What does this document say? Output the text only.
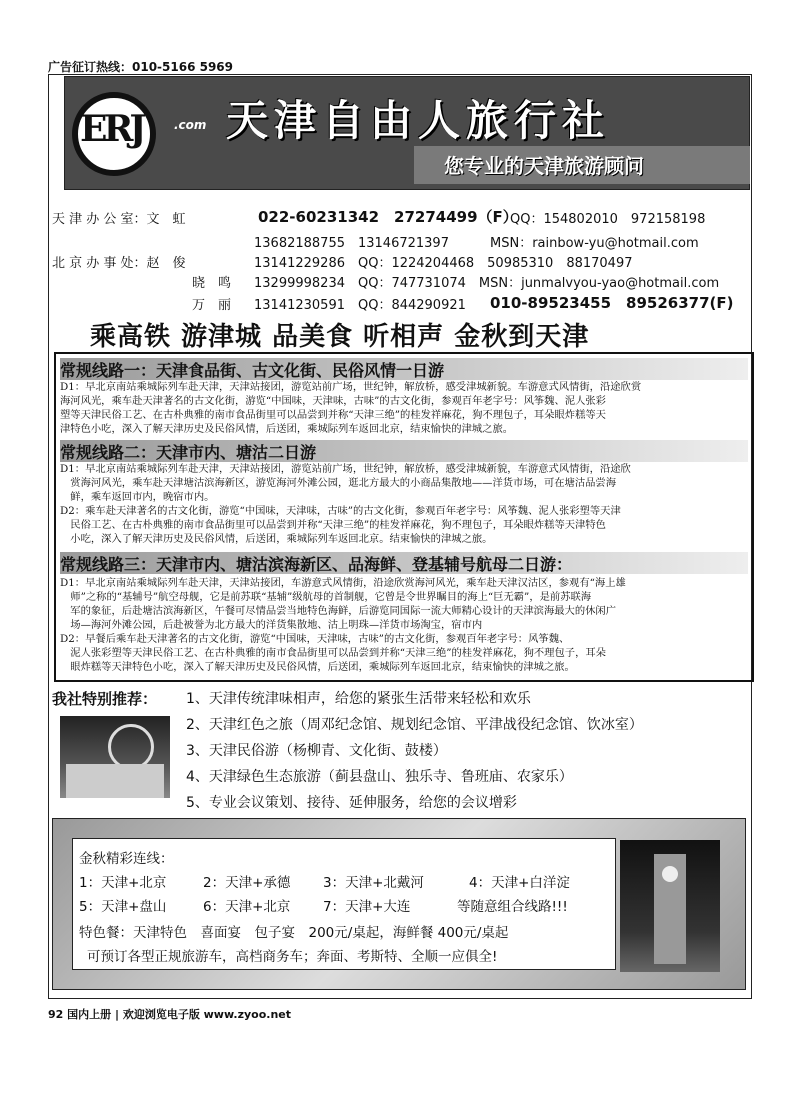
广告征订热线：010-5166 5969
ERJ	.com 天津自由人旅行社
您专业的天津旅游顾问
天 津 办 公 室：文　虹	022-60231342　27274499（F）
QQ：154802010　972158198
13682188755　13146721397	MSN：rainbow-yu@hotmail.com
北 京 办 事 处：赵　俊	13141229286　QQ：1224204468　50985310　88170497
晓　鸣 13299998234　QQ：747731074　MSN：junmalvyou-yao@hotmail.com
万　丽 13141230591　QQ：844290921 010-89523455　89526377(F)
乘高铁 游津城 品美食 听相声 金秋到天津
常规线路一：天津食品街、古文化街、民俗风情一日游
D1：早北京南站乘城际列车赴天津，天津站接团，游览站前广场，世纪钟，解放桥，感受津城新貌。车游意式风情街，沿途欣赏
海河风光，乘车赴天津著名的古文化街，游览“中国味，天津味，古味”的古文化街，参观百年老字号：风筝魏、泥人张彩
塑等天津民俗工艺、在古朴典雅的南市食品街里可以品尝到并称“天津三绝”的桂发祥麻花，狗不理包子，耳朵眼炸糕等天
津特色小吃，深入了解天津历史及民俗风情，后送团，乘城际列车返回北京，结束愉快的津城之旅。
常规线路二：天津市内、塘沽二日游
D1：早北京南站乘城际列车赴天津，天津站接团，游览站前广场，世纪钟，解放桥，感受津城新貌，车游意式风情街，沿途欣
　赏海河风光，乘车赴天津塘沽滨海新区，游览海河外滩公园，逛北方最大的小商品集散地——洋货市场，可在塘沽品尝海
　鲜，乘车返回市内，晚宿市内。
D2：乘车赴天津著名的古文化街，游览“中国味，天津味，古味”的古文化街，参观百年老字号：风筝魏、泥人张彩塑等天津
　民俗工艺、在古朴典雅的南市食品街里可以品尝到并称“天津三绝”的桂发祥麻花，狗不理包子，耳朵眼炸糕等天津特色
　小吃，深入了解天津历史及民俗风情，后送团，乘城际列车返回北京。结束愉快的津城之旅。
常规线路三：天津市内、塘沽滨海新区、品海鲜、登基辅号航母二日游：
D1：早北京南站乘城际列车赴天津，天津站接团，车游意式风情街，沿途欣赏海河风光，乘车赴天津汉沽区，参观有“海上雄
　师”之称的“基辅号”航空母舰，它是前苏联“基辅”级航母的首制舰，它曾是令世界瞩目的海上“巨无霸”，是前苏联海
　军的象征，后赴塘沽滨海新区，午餐可尽情品尝当地特色海鲜，后游览同国际一流大师精心设计的天津滨海最大的休闲广
　场—海河外滩公园，后赴被誉为北方最大的洋货集散地、沽上明珠—洋货市场淘宝，宿市内
D2：早餐后乘车赴天津著名的古文化街，游览“中国味，天津味，古味”的古文化街，参观百年老字号：风筝魏、
　泥人张彩塑等天津民俗工艺、在古朴典雅的南市食品街里可以品尝到并称“天津三绝”的桂发祥麻花，狗不理包子，耳朵
　眼炸糕等天津特色小吃，深入了解天津历史及民俗风情，后送团，乘城际列车返回北京，结束愉快的津城之旅。
我社特别推荐： 1、天津传统津味相声，给您的紧张生活带来轻松和欢乐
2、天津红色之旅（周邓纪念馆、规划纪念馆、平津战役纪念馆、饮冰室）
3、天津民俗游（杨柳青、文化街、鼓楼）
4、天津绿色生态旅游（蓟县盘山、独乐寺、鲁班庙、农家乐）
5、专业会议策划、接待、延伸服务，给您的会议增彩
金秋精彩连线：
1：天津+北京	2：天津+承德 3：天津+北戴河	4：天津+白洋淀
5：天津+盘山	6：天津+北京 7：天津+大连	等随意组合线路!!!
特色餐：天津特色　喜面宴　包子宴　200元/桌起，海鲜餐 400元/桌起
可预订各型正规旅游车，高档商务车；奔面、考斯特、全顺一应俱全!
92 国内上册 | 欢迎浏览电子版 www.zyoo.net
